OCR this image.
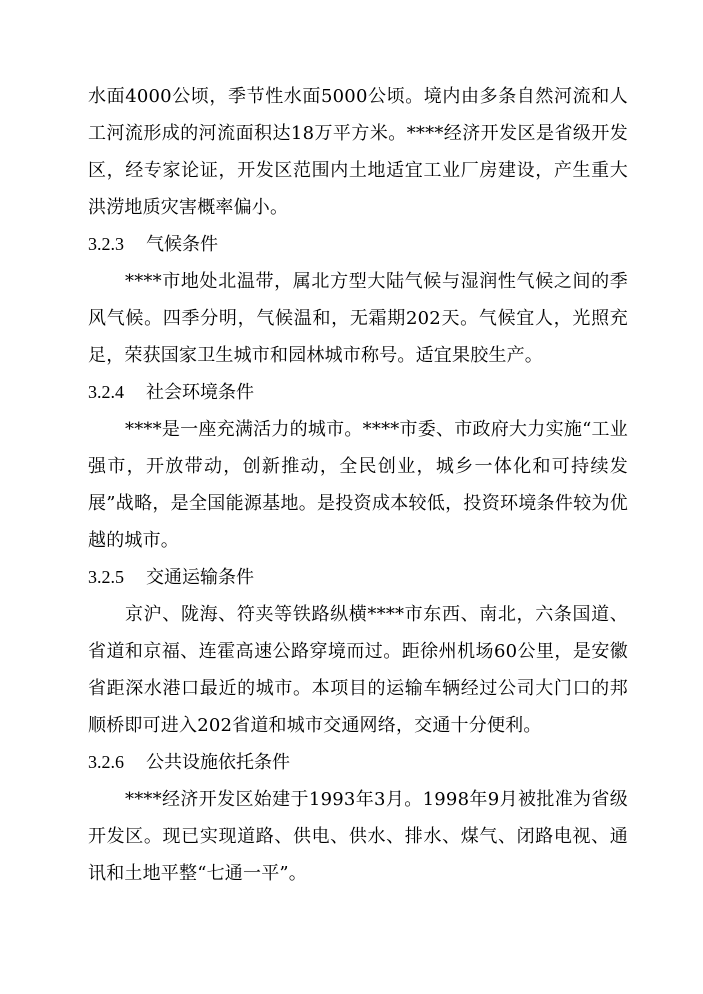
水面4000公顷，季节性水面5000公顷。境内由多条自然河流和人工河流形成的河流面积达18万平方米。****经济开发区是省级开发区，经专家论证，开发区范围内土地适宜工业厂房建设，产生重大洪涝地质灾害概率偏小。

3.2.3 气候条件

****市地处北温带，属北方型大陆气候与湿润性气候之间的季风气候。四季分明，气候温和，无霜期202天。气候宜人，光照充足，荣获国家卫生城市和园林城市称号。适宜果胶生产。

3.2.4 社会环境条件

****是一座充满活力的城市。****市委、市政府大力实施“工业强市，开放带动，创新推动，全民创业，城乡一体化和可持续发展”战略，是全国能源基地。是投资成本较低，投资环境条件较为优越的城市。

3.2.5 交通运输条件

京沪、陇海、符夹等铁路纵横****市东西、南北，六条国道、省道和京福、连霍高速公路穿境而过。距徐州机场60公里，是安徽省距深水港口最近的城市。本项目的运输车辆经过公司大门口的邦顺桥即可进入202省道和城市交通网络，交通十分便利。

3.2.6 公共设施依托条件

****经济开发区始建于1993年3月。1998年9月被批准为省级开发区。现已实现道路、供电、供水、排水、煤气、闭路电视、通讯和土地平整“七通一平”。
